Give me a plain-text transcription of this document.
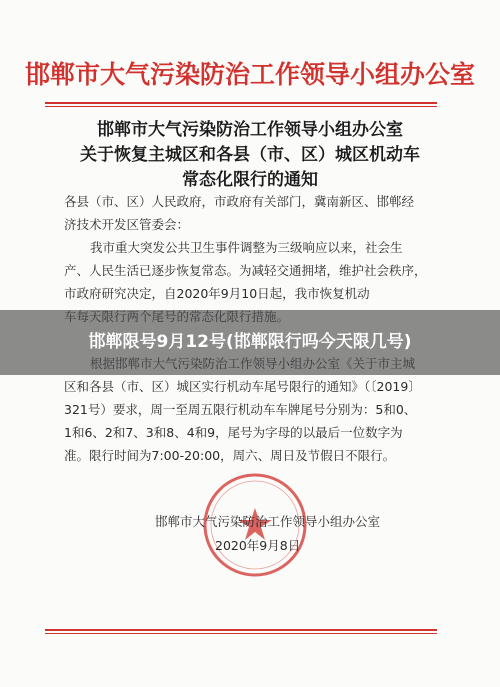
邯郸市大气污染防治工作领导小组办公室
邯郸市大气污染防治工作领导小组办公室
关于恢复主城区和各县（市、区）城区机动车
常态化限行的通知
各县（市、区）人民政府，市政府有关部门，冀南新区、邯郸经
济技术开发区管委会：
我市重大突发公共卫生事件调整为三级响应以来，社会生
产、人民生活已逐步恢复常态。为减轻交通拥堵，维护社会秩序，
市政府研究决定，自2020年9月10日起，我市恢复机动
区和各县（市、区）城区实行机动车尾号限行的通知》（〔2019〕
321号）要求，周一至周五限行机动车车牌尾号分别为：5和0、
1和6、2和7、3和8、4和9，尾号为字母的以最后一位数字为
准。限行时间为7:00-20:00，周六、周日及节假日不限行。
邯郸市大气污染防治工作领导小组办公室
2020年9月8日
邯郸限号9月12号(邯郸限行吗今天限几号)
